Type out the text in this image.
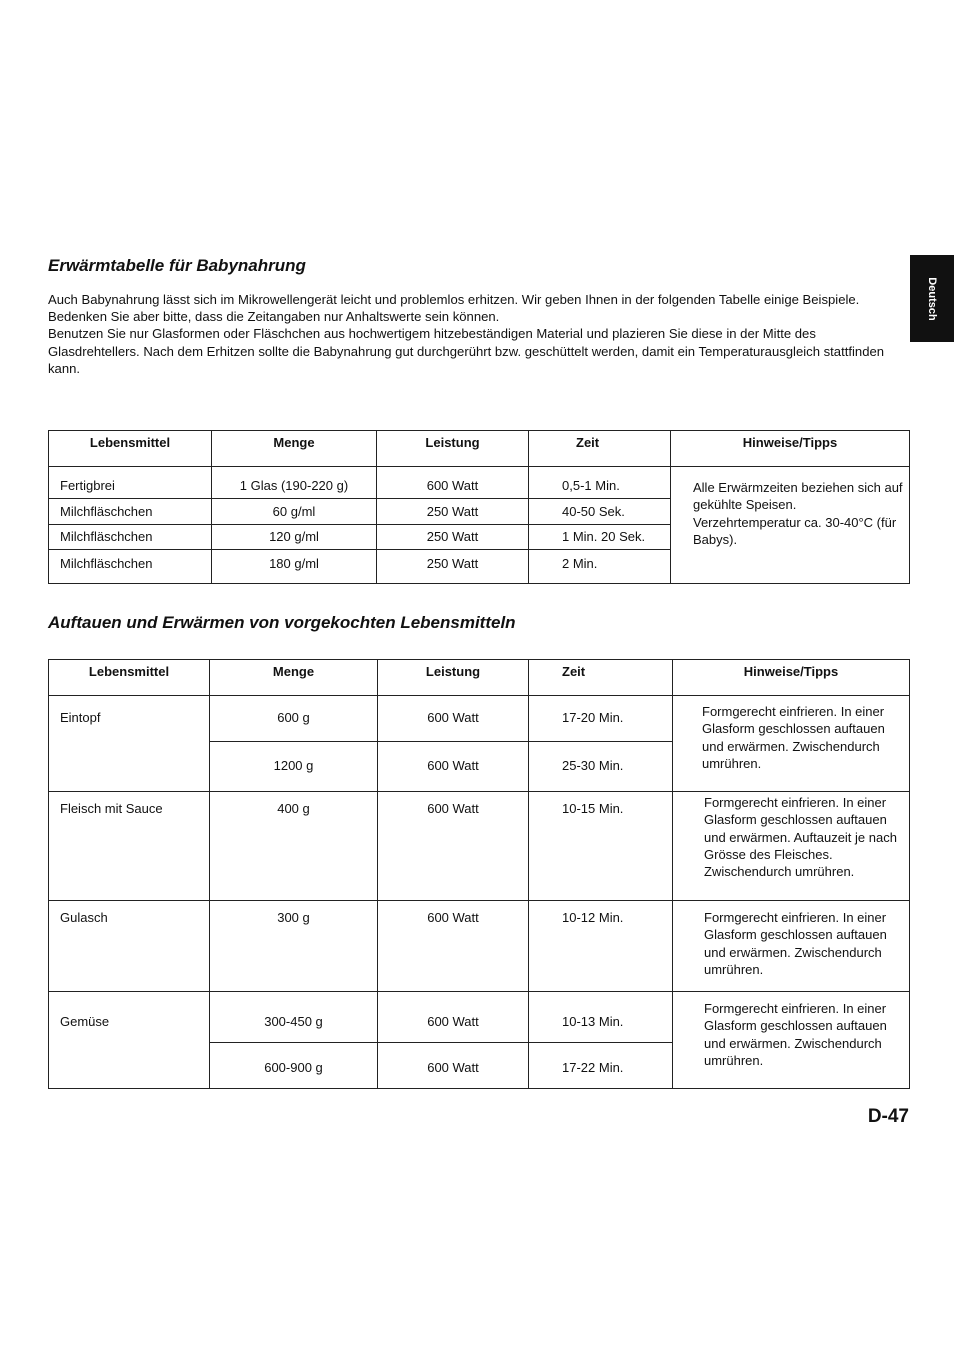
Deutsch
Erwärmtabelle für Babynahrung

Auch Babynahrung lässt sich im Mikrowellengerät leicht und problemlos erhitzen. Wir geben Ihnen in der folgenden Tabelle einige Beispiele. Bedenken Sie aber bitte, dass die Zeitangaben nur Anhaltswerte sein können.

Benutzen Sie nur Glasformen oder Fläschchen aus hochwertigem hitzebeständigen Material und plazieren Sie diese in der Mitte des Glasdrehtellers. Nach dem Erhitzen sollte die Babynahrung gut durchgerührt bzw. geschüttelt werden, damit ein Temperaturausgleich stattfinden kann.

Lebensmittel	Menge	Leistung	Zeit	Hinweise/Tipps
Fertigbrei	1 Glas (190-220 g)	600 Watt	0,5-1 Min.	Alle Erwärmzeiten beziehen sich auf gekühlte Speisen. Verzehrtemperatur ca. 30-40°C (für Babys).
Milchfläschchen	60 g/ml	250 Watt	40-50 Sek.	
Milchfläschchen	120 g/ml	250 Watt	1 Min. 20 Sek.	
Milchfläschchen	180 g/ml	250 Watt	2 Min.	
Auftauen und Erwärmen von vorgekochten Lebensmitteln
Lebensmittel	Menge	Leistung	Zeit	Hinweise/Tipps
Eintopf	600 g	600 Watt	17-20 Min.	Formgerecht einfrieren. In einer Glasform geschlossen auftauen und erwärmen. Zwischendurch umrühren.
	1200 g	600 Watt	25-30 Min.	
Fleisch mit Sauce	400 g	600 Watt	10-15 Min.	Formgerecht einfrieren. In einer Glasform geschlossen auftauen und erwärmen. Auftauzeit je nach Grösse des Fleisches. Zwischendurch umrühren.
Gulasch	300 g	600 Watt	10-12 Min.	Formgerecht einfrieren. In einer Glasform geschlossen auftauen und erwärmen. Zwischendurch umrühren.
Gemüse	300-450 g	600 Watt	10-13 Min.	Formgerecht einfrieren. In einer Glasform geschlossen auftauen und erwärmen. Zwischendurch umrühren.
	600-900 g	600 Watt	17-22 Min.	
D-47
